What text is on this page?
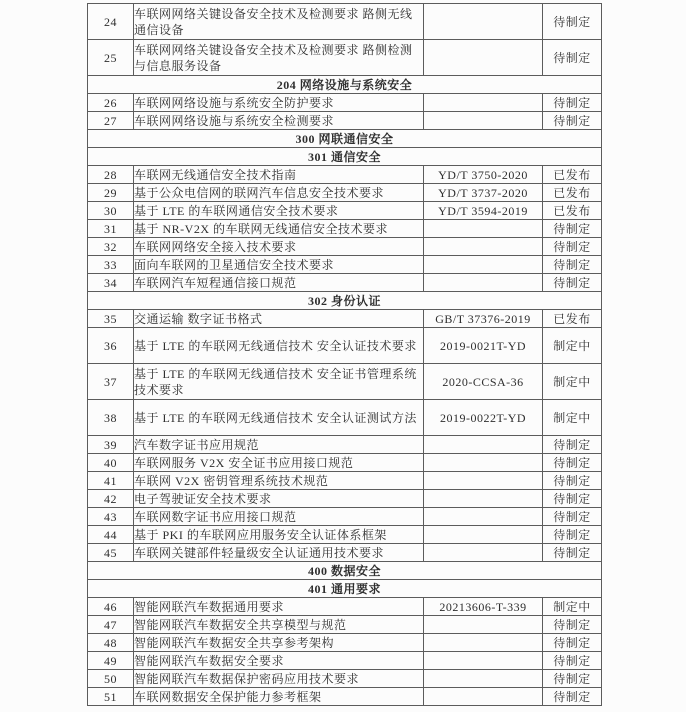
24	车联网网络关键设备安全技术及检测要求 路侧无线通信设备		待制定
25	车联网网络关键设备安全技术及检测要求 路侧检测与信息服务设备		待制定
204 网络设施与系统安全			
26	车联网网络设施与系统安全防护要求		待制定
27	车联网网络设施与系统安全检测要求		待制定
300 网联通信安全			
301 通信安全			
28	车联网无线通信安全技术指南	YD/T 3750-2020	已发布
29	基于公众电信网的联网汽车信息安全技术要求	YD/T 3737-2020	已发布
30	基于 LTE 的车联网通信安全技术要求	YD/T 3594-2019	已发布
31	基于 NR-V2X 的车联网无线通信安全技术要求		待制定
32	车联网网络安全接入技术要求		待制定
33	面向车联网的卫星通信安全技术要求		待制定
34	车联网汽车短程通信接口规范		待制定
302 身份认证			
35	交通运输 数字证书格式	GB/T 37376-2019	已发布
36	基于 LTE 的车联网无线通信技术 安全认证技术要求	2019-0021T-YD	制定中
37	基于 LTE 的车联网无线通信技术 安全证书管理系统技术要求	2020-CCSA-36	制定中
38	基于 LTE 的车联网无线通信技术 安全认证测试方法	2019-0022T-YD	制定中
39	汽车数字证书应用规范		待制定
40	车联网服务 V2X 安全证书应用接口规范		待制定
41	车联网 V2X 密钥管理系统技术规范		待制定
42	电子驾驶证安全技术要求		待制定
43	车联网数字证书应用接口规范		待制定
44	基于 PKI 的车联网应用服务安全认证体系框架		待制定
45	车联网关键部件轻量级安全认证通用技术要求		待制定
400 数据安全			
401 通用要求			
46	智能网联汽车数据通用要求	20213606-T-339	制定中
47	智能网联汽车数据安全共享模型与规范		待制定
48	智能网联汽车数据安全共享参考架构		待制定
49	智能网联汽车数据安全要求		待制定
50	智能网联汽车数据保护密码应用技术要求		待制定
51	车联网数据安全保护能力参考框架		待制定
